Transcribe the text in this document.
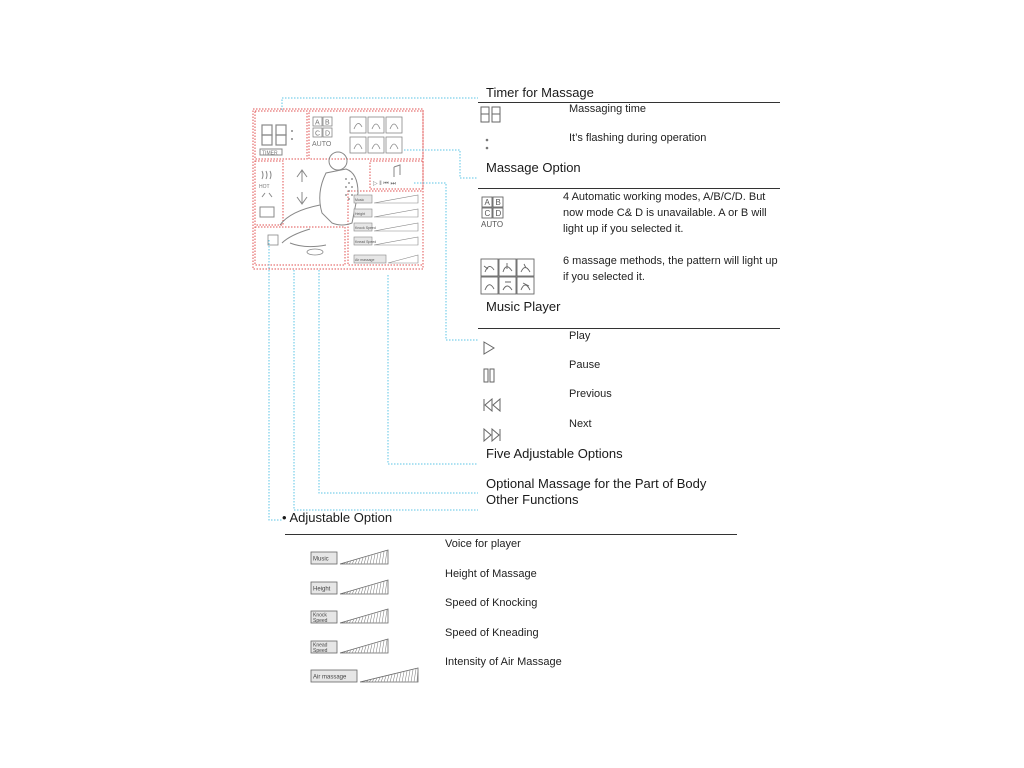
TIMER
A B
C D
AUTO
HOT	▷ ‖ ⏮ ⏭
Music
Height
Knock Speed
Knead Speed
Air massage
Timer for Massage
Massaging time
It’s flashing during operation
Massage Option
A B
C D
AUTO
4 Automatic working modes, A/B/C/D. But now mode C& D is unavailable. A or B will light up if you selected it.
6 massage methods, the pattern will light up if you selected it.
Music Player
Play
Pause
Previous
Next
Five Adjustable Options
Optional Massage for the Part of Body
Other Functions
• Adjustable Option
Music
Voice for player
Height
Height of Massage
Knock
Speed
Speed of Knocking
Knead
Speed
Speed of Kneading
Air massage
Intensity of Air Massage
